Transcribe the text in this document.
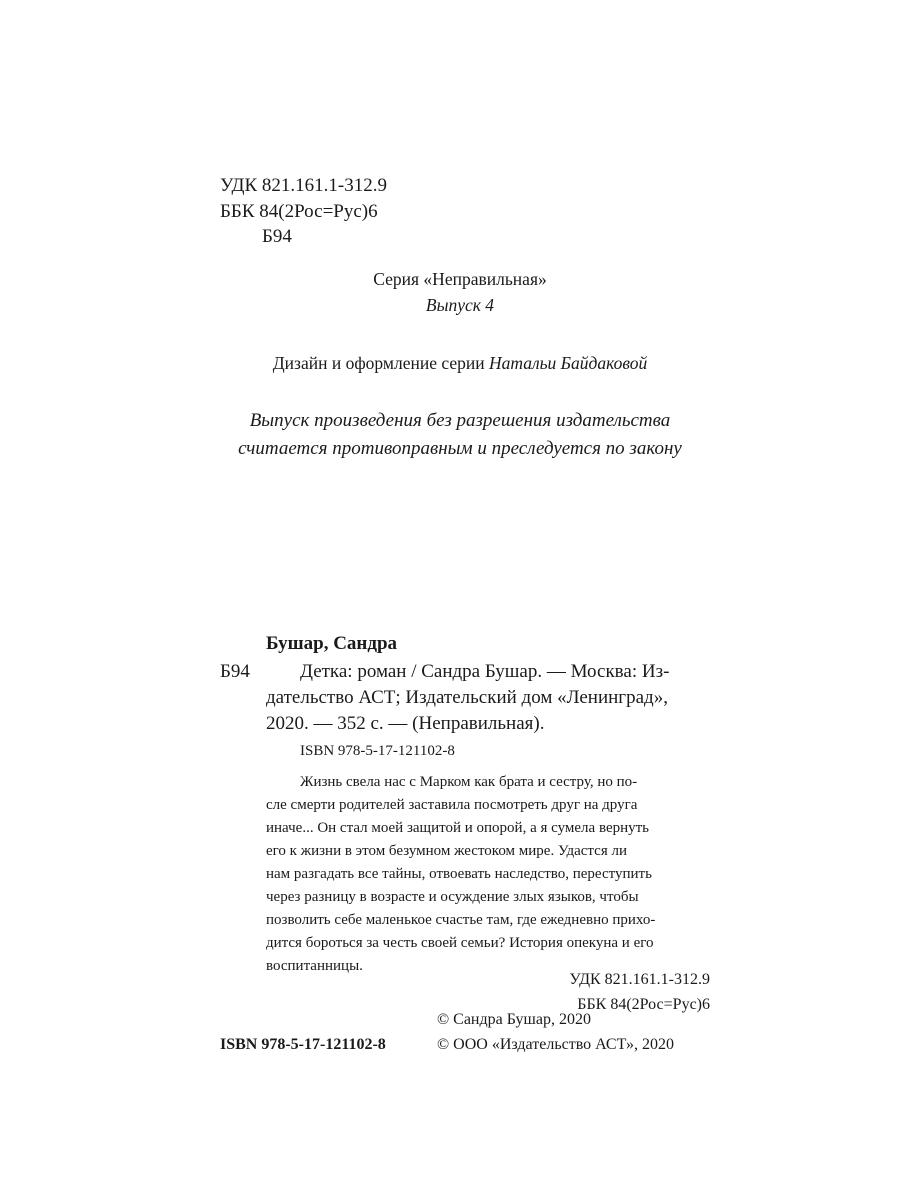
УДК 821.161.1-312.9

ББК 84(2Рос=Рус)6

Б94

Серия «Неправильная»

Выпуск 4

Дизайн и оформление серии Натальи Байдаковой

Выпуск произведения без разрешения издательства

считается противоправным и преследуется по закону

Бушар, Сандра

Б94	Детка: роман / Сандра Бушар. — Москва: Из-

дательство АСТ; Издательский дом «Ленинград»,

2020. — 352 с. — (Неправильная).

ISBN 978-5-17-121102-8

Жизнь свела нас с Марком как брата и сестру, но по-

сле смерти родителей заставила посмотреть друг на друга

иначе... Он стал моей защитой и опорой, а я сумела вернуть

его к жизни в этом безумном жестоком мире. Удастся ли

нам разгадать все тайны, отвоевать наследство, переступить

через разницу в возрасте и осуждение злых языков, чтобы

позволить себе маленькое счастье там, где ежедневно прихо-

дится бороться за честь своей семьи? История опекуна и его

воспитанницы.

УДК 821.161.1-312.9

ББК 84(2Рос=Рус)6

© Сандра Бушар, 2020

ISBN 978-5-17-121102-8	© ООО «Издательство АСТ», 2020
